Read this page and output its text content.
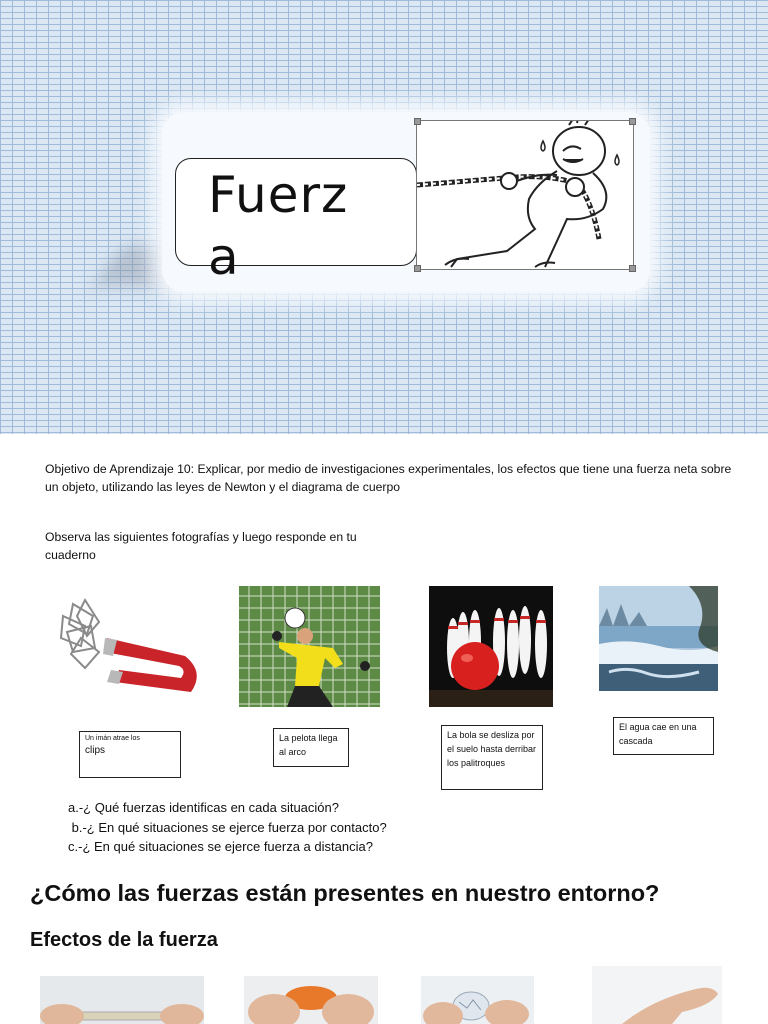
Fuerza
Objetivo de Aprendizaje 10: Explicar, por medio de investigaciones experimentales, los efectos que tiene una fuerza neta sobre un objeto, utilizando las leyes de Newton y el diagrama de cuerpo
Observa las siguientes fotografías y luego responde en tu cuaderno
Un imán atrae los
clips
La pelota llega al arco
La bola se desliza por el suelo hasta derribar los palitroques
El agua cae en una cascada
a.-¿ Qué fuerzas identificas en cada situación?
b.-¿ En qué situaciones se ejerce fuerza por contacto?
c.-¿ En qué situaciones se ejerce fuerza a distancia?
¿Cómo las fuerzas están presentes en nuestro entorno?
Efectos de la fuerza
